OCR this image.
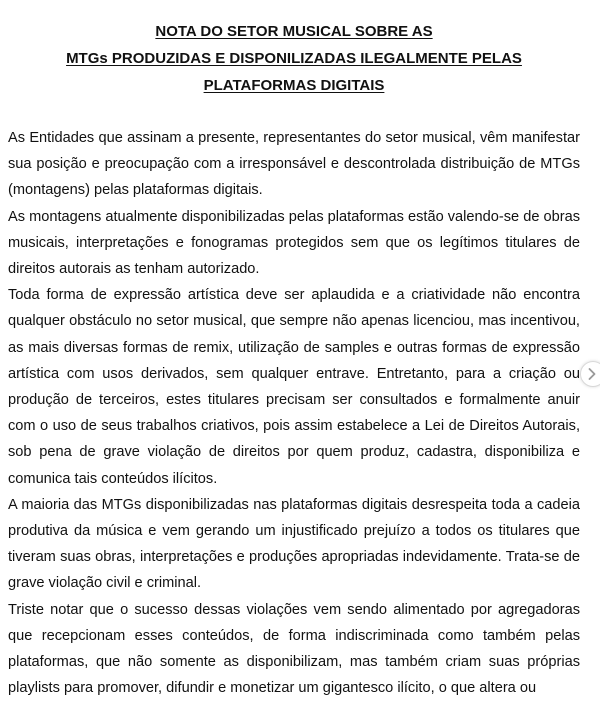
NOTA DO SETOR MUSICAL SOBRE AS
MTGs PRODUZIDAS E DISPONILIZADAS ILEGALMENTE PELAS
PLATAFORMAS DIGITAIS

As Entidades que assinam a presente, representantes do setor musical, vêm manifestar sua posição e preocupação com a irresponsável e descontrolada distribuição de MTGs (montagens) pelas plataformas digitais.

As montagens atualmente disponibilizadas pelas plataformas estão valendo-se de obras musicais, interpretações e fonogramas protegidos sem que os legítimos titulares de direitos autorais as tenham autorizado.

Toda forma de expressão artística deve ser aplaudida e a criatividade não encontra qualquer obstáculo no setor musical, que sempre não apenas licenciou, mas incentivou, as mais diversas formas de remix, utilização de samples e outras formas de expressão artística com usos derivados, sem qualquer entrave. Entretanto, para a criação ou produção de terceiros, estes titulares precisam ser consultados e formalmente anuir com o uso de seus trabalhos criativos, pois assim estabelece a Lei de Direitos Autorais, sob pena de grave violação de direitos por quem produz, cadastra, disponibiliza e comunica tais conteúdos ilícitos.

A maioria das MTGs disponibilizadas nas plataformas digitais desrespeita toda a cadeia produtiva da música e vem gerando um injustificado prejuízo a todos os titulares que tiveram suas obras, interpretações e produções apropriadas indevidamente. Trata-se de grave violação civil e criminal.

Triste notar que o sucesso dessas violações vem sendo alimentado por agregadoras que recepcionam esses conteúdos, de forma indiscriminada como também pelas plataformas, que não somente as disponibilizam, mas também criam suas próprias playlists para promover, difundir e monetizar um gigantesco ilícito, o que altera ou
